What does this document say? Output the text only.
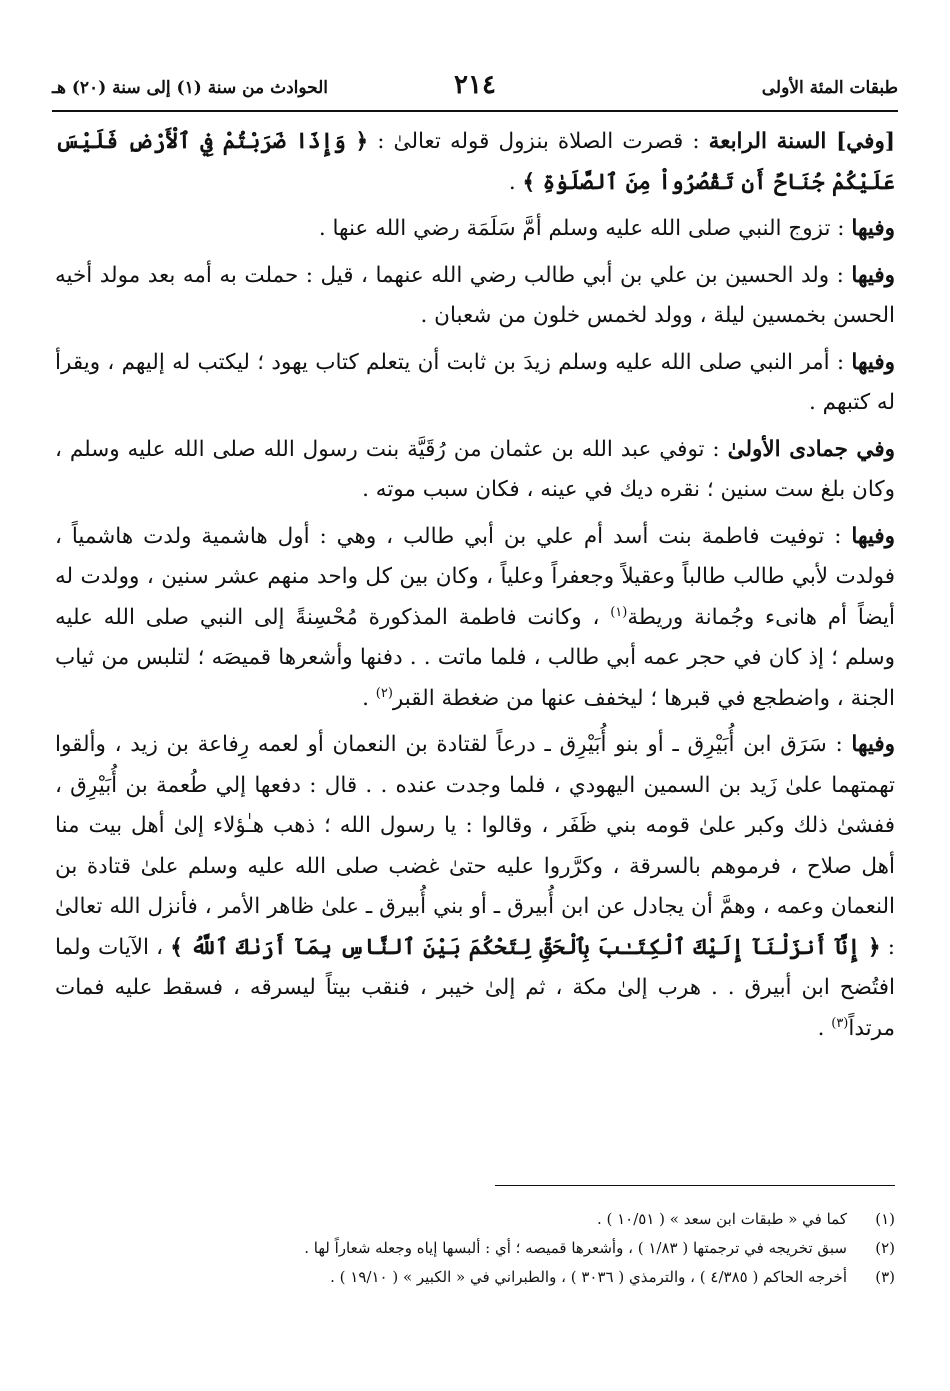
طبقات المئة الأولى
٢١٤
الحوادث من سنة (١) إلى سنة (٢٠) هـ

[وفي] السنة الرابعة : قصرت الصلاة بنزول قوله تعالىٰ : ﴿ وَإِذَا ضَرَبْتُمْ فِي ٱلْأَرْضِ فَلَيْسَ عَلَيْكُمْ جُنَاحٌ أَن تَقْصُرُواْ مِنَ ٱلصَّلَوٰةِ ﴾ .

وفيها : تزوج النبي صلى الله عليه وسلم أمَّ سَلَمَة رضي الله عنها .

وفيها : ولد الحسين بن علي بن أبي طالب رضي الله عنهما ، قيل : حملت به أمه بعد مولد أخيه الحسن بخمسين ليلة ، وولد لخمس خلون من شعبان .

وفيها : أمر النبي صلى الله عليه وسلم زيدَ بن ثابت أن يتعلم كتاب يهود ؛ ليكتب له إليهم ، ويقرأ له كتبهم .

وفي جمادى الأولىٰ : توفي عبد الله بن عثمان من رُقَيَّة بنت رسول الله صلى الله عليه وسلم ، وكان بلغ ست سنين ؛ نقره ديك في عينه ، فكان سبب موته .

وفيها : توفيت فاطمة بنت أسد أم علي بن أبي طالب ، وهي : أول هاشمية ولدت هاشمياً ، فولدت لأبي طالب طالباً وعقيلاً وجعفراً وعلياً ، وكان بين كل واحد منهم عشر سنين ، وولدت له أيضاً أم هانىء وجُمانة وريطة$^{(١)}$ ، وكانت فاطمة المذكورة مُحْسِنةً إلى النبي صلى الله عليه وسلم ؛ إذ كان في حجر عمه أبي طالب ، فلما ماتت . . دفنها وأشعرها قميصَه ؛ لتلبس من ثياب الجنة ، واضطجع في قبرها ؛ ليخفف عنها من ضغطة القبر$^{(٢)}$ .

وفيها : سَرَق ابن أُبَيْرِق ـ أو بنو أُبَيْرِق ـ درعاً لقتادة بن النعمان أو لعمه رِفاعة بن زيد ، وألقوا تهمتهما علىٰ زَيد بن السمين اليهودي ، فلما وجدت عنده . . قال : دفعها إلي طُعمة بن أُبَيْرِق ، ففشىٰ ذلك وكبر علىٰ قومه بني ظَفَر ، وقالوا : يا رسول الله ؛ ذهب هـٰؤلاء إلىٰ أهل بيت منا أهل صلاح ، فرموهم بالسرقة ، وكرَّروا عليه حتىٰ غضب صلى الله عليه وسلم علىٰ قتادة بن النعمان وعمه ، وهمَّ أن يجادل عن ابن أُبيرق ـ أو بني أُبيرق ـ علىٰ ظاهر الأمر ، فأنزل الله تعالىٰ : ﴿ إِنَّآ أَنزَلْنَآ إِلَيْكَ ٱلْكِتَـٰبَ بِٱلْحَقِّ لِتَحْكُمَ بَيْنَ ٱلنَّاسِ بِمَآ أَرَىٰكَ ٱللَّهُ ﴾ ، الآيات ولما افتُضح ابن أبيرق . . هرب إلىٰ مكة ، ثم إلىٰ خيبر ، فنقب بيتاً ليسرقه ، فسقط عليه فمات مرتداً$^{(٣)}$ .

(١)
كما في « طبقات ابن سعد » ( ١٠/٥١ ) .
(٢)
سبق تخريجه في ترجمتها ( ١/٨٣ ) ، وأشعرها قميصه ؛ أي : ألبسها إياه وجعله شعاراً لها .
(٣)
أخرجه الحاكم ( ٤/٣٨٥ ) ، والترمذي ( ٣٠٣٦ ) ، والطبراني في « الكبير » ( ١٩/١٠ ) .
